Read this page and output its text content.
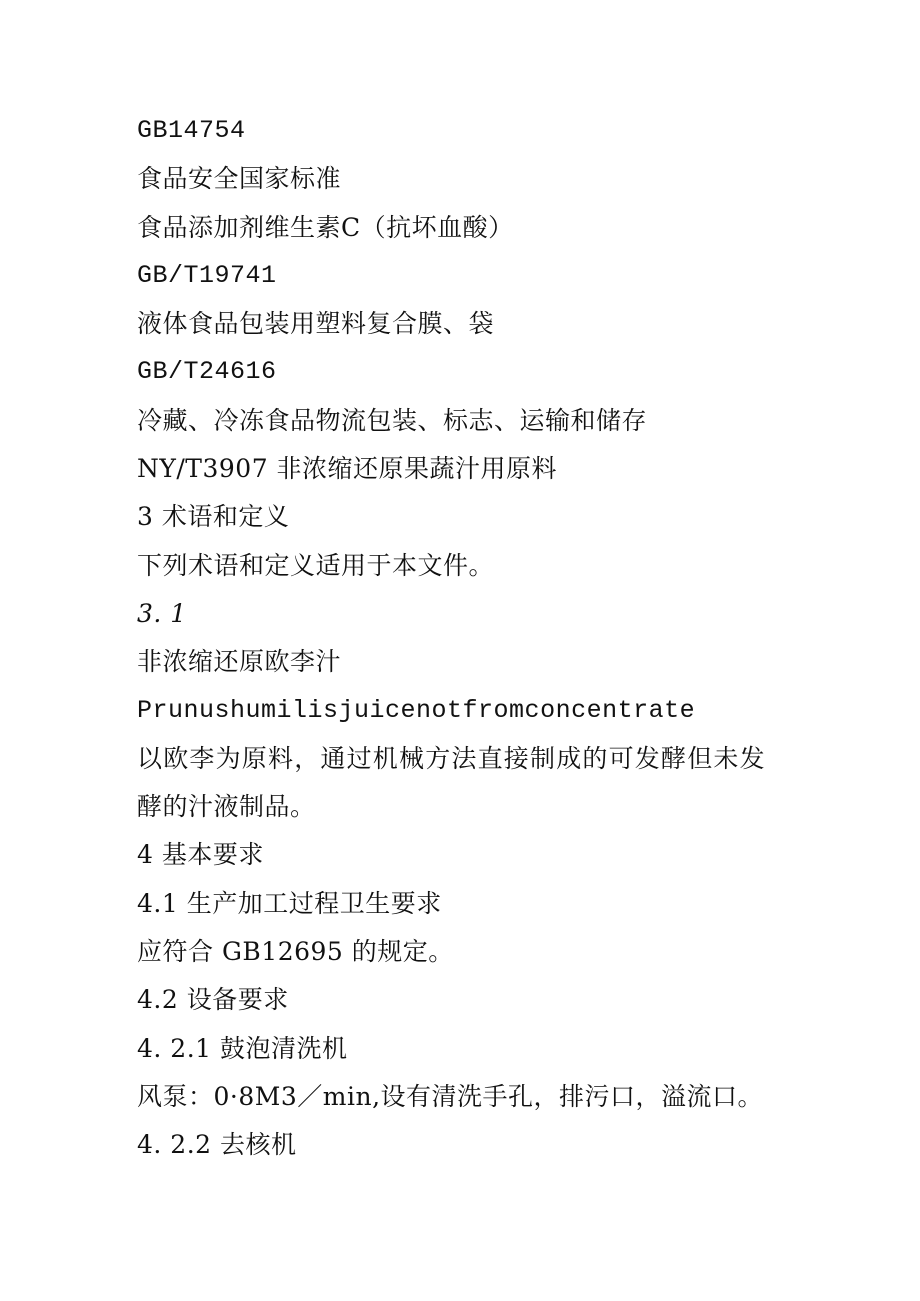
GB14754
食品安全国家标准
食品添加剂维生素C（抗坏血酸）
GB/T19741
液体食品包装用塑料复合膜、袋
GB/T24616
冷藏、冷冻食品物流包装、标志、运输和储存
NY/T3907 非浓缩还原果蔬汁用原料
3 术语和定义
下列术语和定义适用于本文件。
3. 1
非浓缩还原欧李汁
Prunushumilisjuicenotfromconcentrate
以欧李为原料，通过机械方法直接制成的可发酵但未发
酵的汁液制品。
4 基本要求
4.1 生产加工过程卫生要求
应符合 GB12695 的规定。
4.2 设备要求
4. 2.1 鼓泡清洗机
风泵：0·8M3／min,设有清洗手孔，排污口，溢流口。
4. 2.2 去核机
